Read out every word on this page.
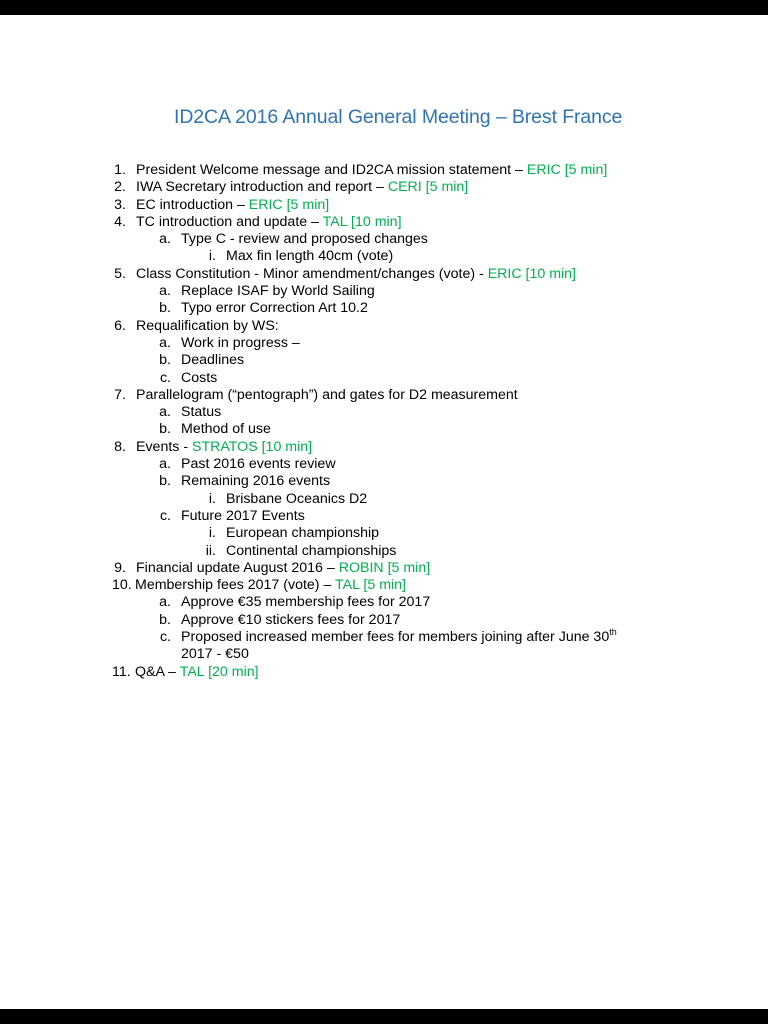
ID2CA 2016 Annual General Meeting – Brest France
1. President Welcome message and ID2CA mission statement – ERIC [5 min]
2. IWA Secretary introduction and report – CERI [5 min]
3. EC introduction – ERIC [5 min]
4. TC introduction and update – TAL [10 min]
a. Type C - review and proposed changes
i. Max fin length 40cm (vote)
5. Class Constitution - Minor amendment/changes (vote) - ERIC [10 min]
a. Replace ISAF by World Sailing
b. Typo error Correction Art 10.2
6. Requalification by WS:
a. Work in progress –
b. Deadlines
c. Costs
7. Parallelogram (“pentograph”) and gates for D2 measurement
a. Status
b. Method of use
8. Events - STRATOS [10 min]
a. Past 2016 events review
b. Remaining 2016 events
i. Brisbane Oceanics D2
c. Future 2017 Events
i. European championship
ii. Continental championships
9. Financial update August 2016 – ROBIN [5 min]
10. Membership fees 2017 (vote) – TAL [5 min]
a. Approve €35 membership fees for 2017
b. Approve €10 stickers fees for 2017
c. Proposed increased member fees for members joining after June 30th
2017 - €50
11. Q&A – TAL [20 min]
